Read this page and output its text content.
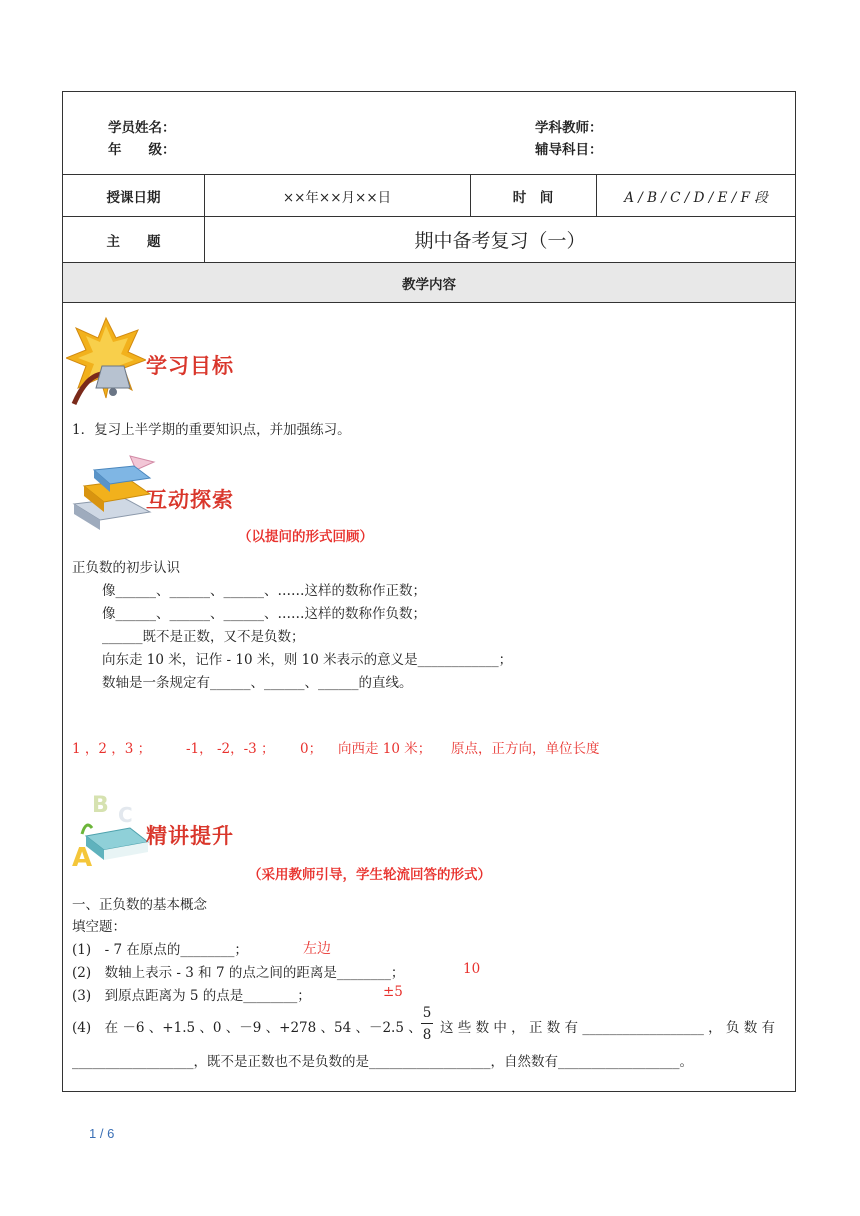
学员姓名：
年　　级：
学科教师：
辅导科目：
授课日期	××年××月××日	时　间	A / B / C / D / E / F 段
主　　题	期中备考复习（一）
教学内容
学习目标
1．复习上半学期的重要知识点，并加强练习。
互动探索
（以提问的形式回顾）
正负数的初步认识
像______、______、______、……这样的数称作正数；
像______、______、______、……这样的数称作负数；
______既不是正数，又不是负数；
向东走 10 米，记作 - 10 米，则 10 米表示的意义是____________；
数轴是一条规定有______、______、______的直线。
1 ，2 ，3 ；	-1， -2，-3 ； 0； 向西走 10 米； 原点，正方向，单位长度
B C
A
精讲提升
（采用教师引导，学生轮流回答的形式）
一、正负数的基本概念
填空题：
(1)　- 7 在原点的________；	左边
(2)　数轴上表示 - 3 和 7 的点之间的距离是________；	10
(3)　到原点距离为 5 的点是________；	±5
(4)　在 －6 、+1.5 、0 、－9 、+278 、54 、－2.5 、
5
8 这 些 数 中 ， 正 数 有 __________________ ， 负 数 有
__________________，既不是正数也不是负数的是__________________，自然数有__________________。
1 / 6
